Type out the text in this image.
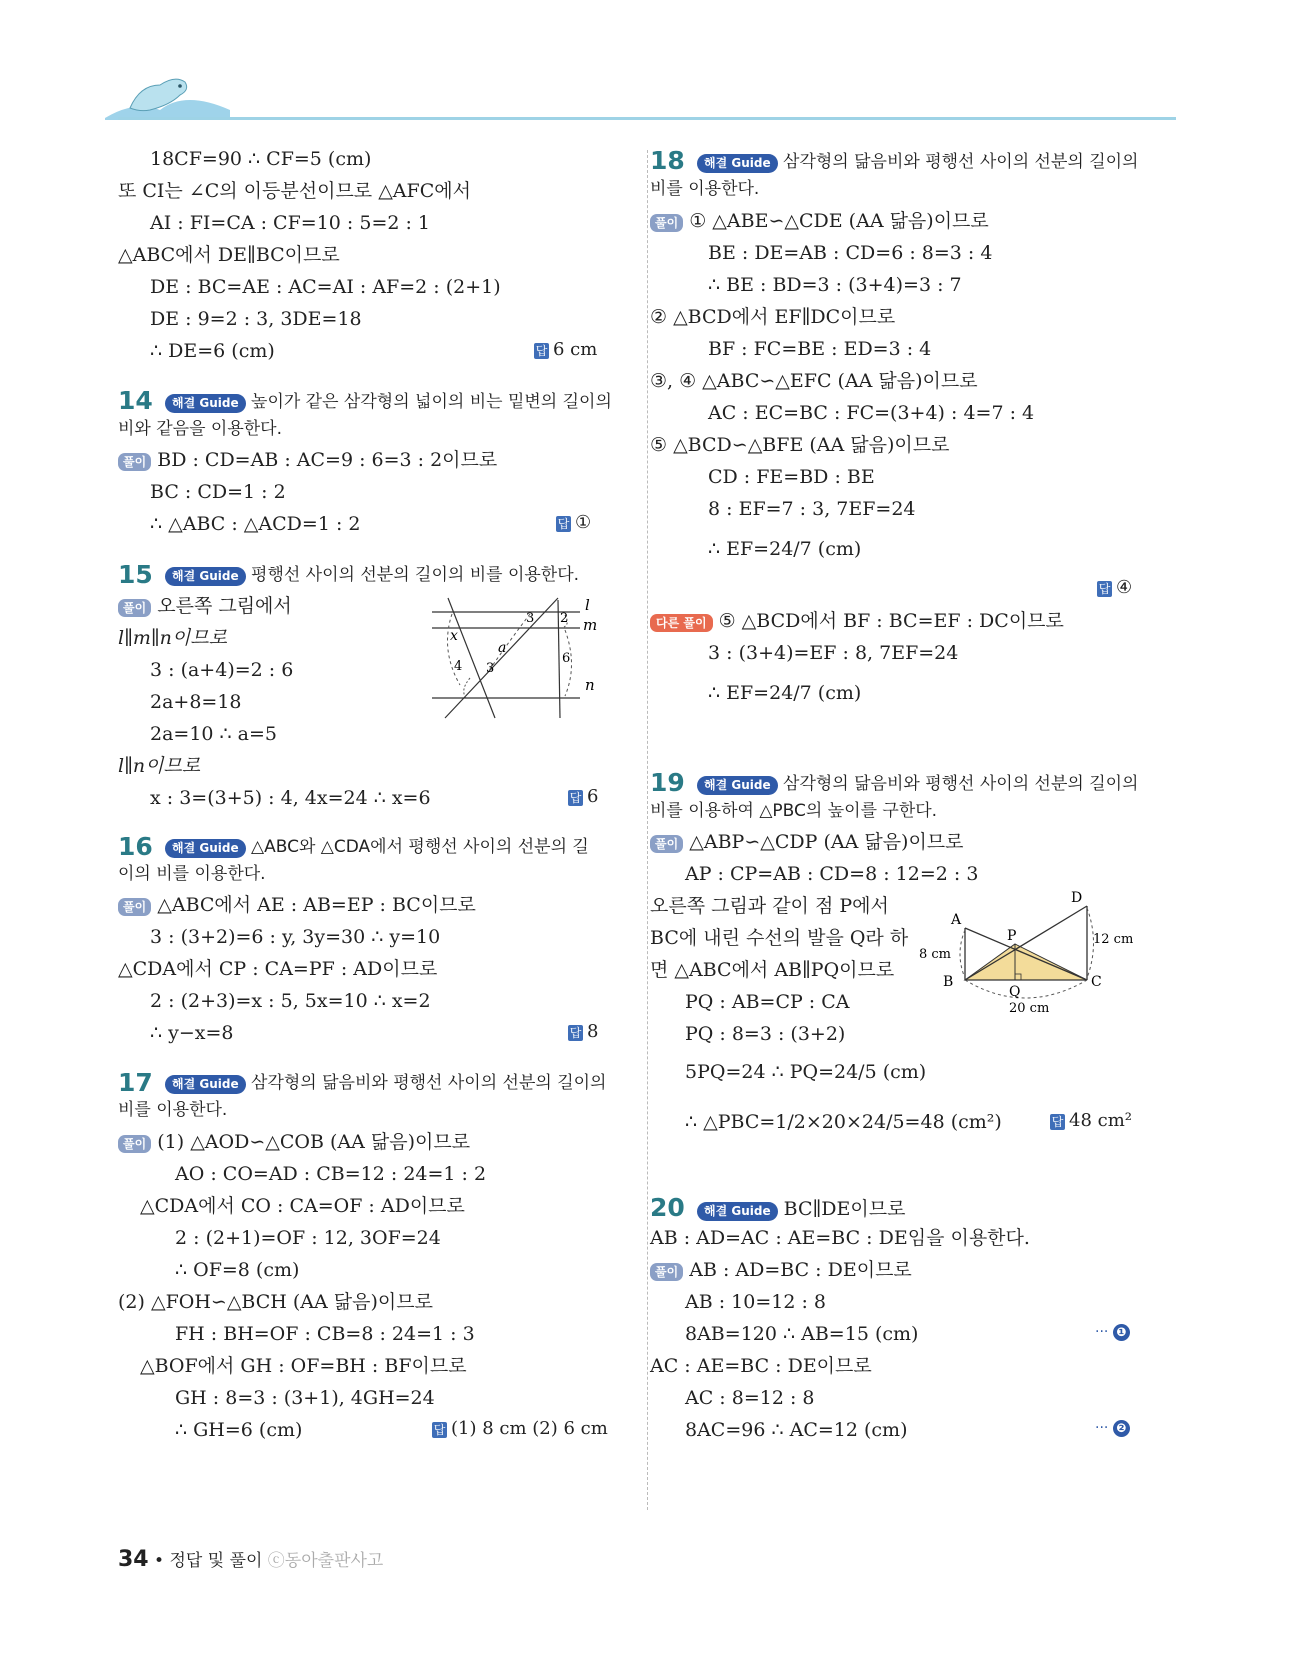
18CF=90 ∴ CF=5 (cm)
또 CI는 ∠C의 이등분선이므로 △AFC에서
AI : FI=CA : CF=10 : 5=2 : 1
△ABC에서 DE∥BC이므로
DE : BC=AE : AC=AI : AF=2 : (2+1)
DE : 9=2 : 3, 3DE=18
∴ DE=6 (cm)	답 6 cm
14	해결 Guide 높이가 같은 삼각형의 넓이의 비는 밑변의 길이의
비와 같음을 이용한다.
풀이 BD : CD=AB : AC=9 : 6=3 : 2이므로
BC : CD=1 : 2
∴ △ABC : △ACD=1 : 2	답 ①
15	해결 Guide 평행선 사이의 선분의 길이의 비를 이용한다.
풀이 오른쪽 그림에서
l∥m∥n이므로
3 : (a+4)=2 : 6
2a+8=18
2a=10 ∴ a=5
l∥n이므로
x : 3=(3+5) : 4, 4x=24 ∴ x=6	답 6
l
m
n
x
a
3 2
4 3
6
16	해결 Guide △ABC와 △CDA에서 평행선 사이의 선분의 길
이의 비를 이용한다.
풀이 △ABC에서 AE : AB=EP : BC이므로
3 : (3+2)=6 : y, 3y=30 ∴ y=10
△CDA에서 CP : CA=PF : AD이므로
2 : (2+3)=x : 5, 5x=10 ∴ x=2
∴ y−x=8	답 8
17	해결 Guide 삼각형의 닮음비와 평행선 사이의 선분의 길이의
비를 이용한다.
풀이 (1) △AOD∽△COB (AA 닮음)이므로
AO : CO=AD : CB=12 : 24=1 : 2
△CDA에서 CO : CA=OF : AD이므로
2 : (2+1)=OF : 12, 3OF=24
∴ OF=8 (cm)
(2) △FOH∽△BCH (AA 닮음)이므로
FH : BH=OF : CB=8 : 24=1 : 3
△BOF에서 GH : OF=BH : BF이므로
GH : 8=3 : (3+1), 4GH=24
∴ GH=6 (cm)	답 (1) 8 cm (2) 6 cm
18	해결 Guide 삼각형의 닮음비와 평행선 사이의 선분의 길이의
비를 이용한다.
풀이 ① △ABE∽△CDE (AA 닮음)이므로
BE : DE=AB : CD=6 : 8=3 : 4
∴ BE : BD=3 : (3+4)=3 : 7
② △BCD에서 EF∥DC이므로
BF : FC=BE : ED=3 : 4
③, ④ △ABC∽△EFC (AA 닮음)이므로
AC : EC=BC : FC=(3+4) : 4=7 : 4
⑤ △BCD∽△BFE (AA 닮음)이므로
CD : FE=BD : BE
8 : EF=7 : 3, 7EF=24
∴ EF=24/7 (cm)
답 ④
다른 풀이 ⑤ △BCD에서 BF : BC=EF : DC이므로
3 : (3+4)=EF : 8, 7EF=24
∴ EF=24/7 (cm)
19	해결 Guide 삼각형의 닮음비와 평행선 사이의 선분의 길이의
비를 이용하여 △PBC의 높이를 구한다.
풀이 △ABP∽△CDP (AA 닮음)이므로
AP : CP=AB : CD=8 : 12=2 : 3
오른쪽 그림과 같이 점 P에서
BC에 내린 수선의 발을 Q라 하
면 △ABC에서 AB∥PQ이므로
PQ : AB=CP : CA
PQ : 8=3 : (3+2)
5PQ=24 ∴ PQ=24/5 (cm)
∴ △PBC=1/2×20×24/5=48 (cm²)	답 48 cm²
A
B	C
D
P
Q
8 cm
12 cm
20 cm
20	해결 Guide BC∥DE이므로
AB : AD=AC : AE=BC : DE임을 이용한다.
풀이 AB : AD=BC : DE이므로
AB : 10=12 : 8
8AB=120 ∴ AB=15 (cm)	··· ❶
AC : AE=BC : DE이므로
AC : 8=12 : 8
8AC=96 ∴ AC=12 (cm)	··· ❷
34 • 정답 및 풀이 ⓒ동아출판사고
